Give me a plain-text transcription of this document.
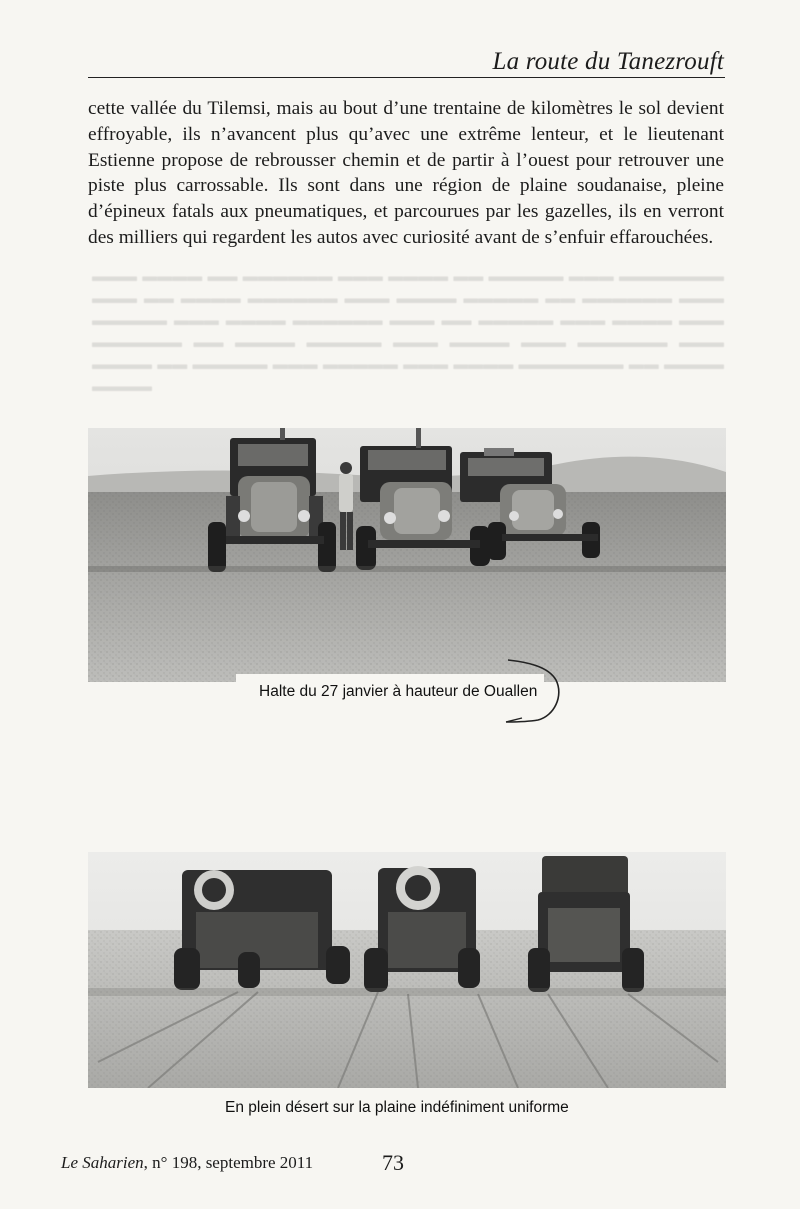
La route du Tanezrouft
cette vallée du Tilemsi, mais au bout d’une trentaine de kilomètres le sol devient effroyable, ils n’avancent plus qu’avec une extrême lenteur, et le lieutenant Estienne propose de rebrousser chemin et de partir à l’ouest pour retrouver une piste plus carrossable. Ils sont dans une région de plaine soudanaise, pleine d’épineux fatals aux pneumatiques, et parcourues par les gazelles, ils en verront des milliers qui regardent les autos avec curiosité avant de s’enfuir effarouchées.
▬▬▬ ▬▬▬▬ ▬▬ ▬▬▬▬▬▬ ▬▬▬ ▬▬▬▬ ▬▬ ▬▬▬▬▬ ▬▬▬ ▬▬▬▬▬▬▬ ▬▬▬ ▬▬ ▬▬▬▬ ▬▬▬▬▬▬ ▬▬▬ ▬▬▬▬ ▬▬▬▬▬ ▬▬ ▬▬▬▬▬▬ ▬▬▬ ▬▬▬▬▬ ▬▬▬ ▬▬▬▬ ▬▬▬▬▬▬ ▬▬▬ ▬▬ ▬▬▬▬▬ ▬▬▬ ▬▬▬▬ ▬▬▬ ▬▬▬▬▬▬ ▬▬ ▬▬▬▬ ▬▬▬▬▬ ▬▬▬ ▬▬▬▬ ▬▬▬ ▬▬▬▬▬▬ ▬▬▬ ▬▬▬▬ ▬▬ ▬▬▬▬▬ ▬▬▬ ▬▬▬▬▬ ▬▬▬ ▬▬▬▬ ▬▬▬▬▬▬▬ ▬▬ ▬▬▬▬ ▬▬▬▬
Halte du 27 janvier à hauteur de Ouallen
En plein désert sur la plaine indéfiniment uniforme
Le Saharien, n° 198, septembre 2011	73
